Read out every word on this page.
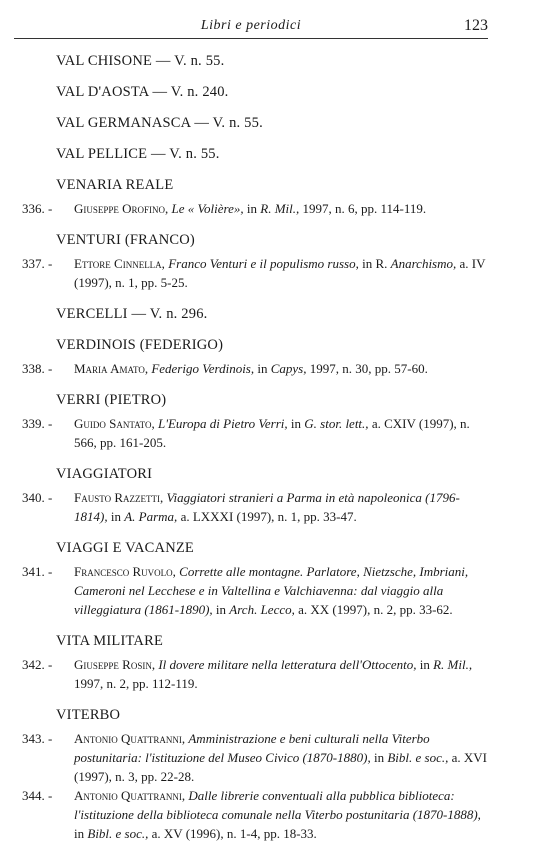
Libri e periodici	123
VAL CHISONE — V. n. 55.
VAL D'AOSTA — V. n. 240.
VAL GERMANASCA — V. n. 55.
VAL PELLICE — V. n. 55.
VENARIA REALE
336. - Giuseppe Orofino, Le « Volière», in R. Mil., 1997, n. 6, pp. 114-119.
VENTURI (FRANCO)
337. - Ettore Cinnella, Franco Venturi e il populismo russo, in R. Anarchismo, a. IV (1997), n. 1, pp. 5-25.
VERCELLI — V. n. 296.
VERDINOIS (FEDERIGO)
338. - Maria Amato, Federigo Verdinois, in Capys, 1997, n. 30, pp. 57-60.
VERRI (PIETRO)
339. - Guido Santato, L'Europa di Pietro Verri, in G. stor. lett., a. CXIV (1997), n. 566, pp. 161-205.
VIAGGIATORI
340. - Fausto Razzetti, Viaggiatori stranieri a Parma in età napoleonica (1796-1814), in A. Parma, a. LXXXI (1997), n. 1, pp. 33-47.
VIAGGI E VACANZE
341. - Francesco Ruvolo, Corrette alle montagne. Parlatore, Nietzsche, Imbriani, Cameroni nel Lecchese e in Valtellina e Valchiavenna: dal viaggio alla villeggiatura (1861-1890), in Arch. Lecco, a. XX (1997), n. 2, pp. 33-62.
VITA MILITARE
342. - Giuseppe Rosin, Il dovere militare nella letteratura dell'Ottocento, in R. Mil., 1997, n. 2, pp. 112-119.
VITERBO
343. - Antonio Quattranni, Amministrazione e beni culturali nella Viterbo postunitaria: l'istituzione del Museo Civico (1870-1880), in Bibl. e soc., a. XVI (1997), n. 3, pp. 22-28.
344. - Antonio Quattranni, Dalle librerie conventuali alla pubblica biblioteca: l'istituzione della biblioteca comunale nella Viterbo postunitaria (1870-1888), in Bibl. e soc., a. XV (1996), n. 1-4, pp. 18-33.
